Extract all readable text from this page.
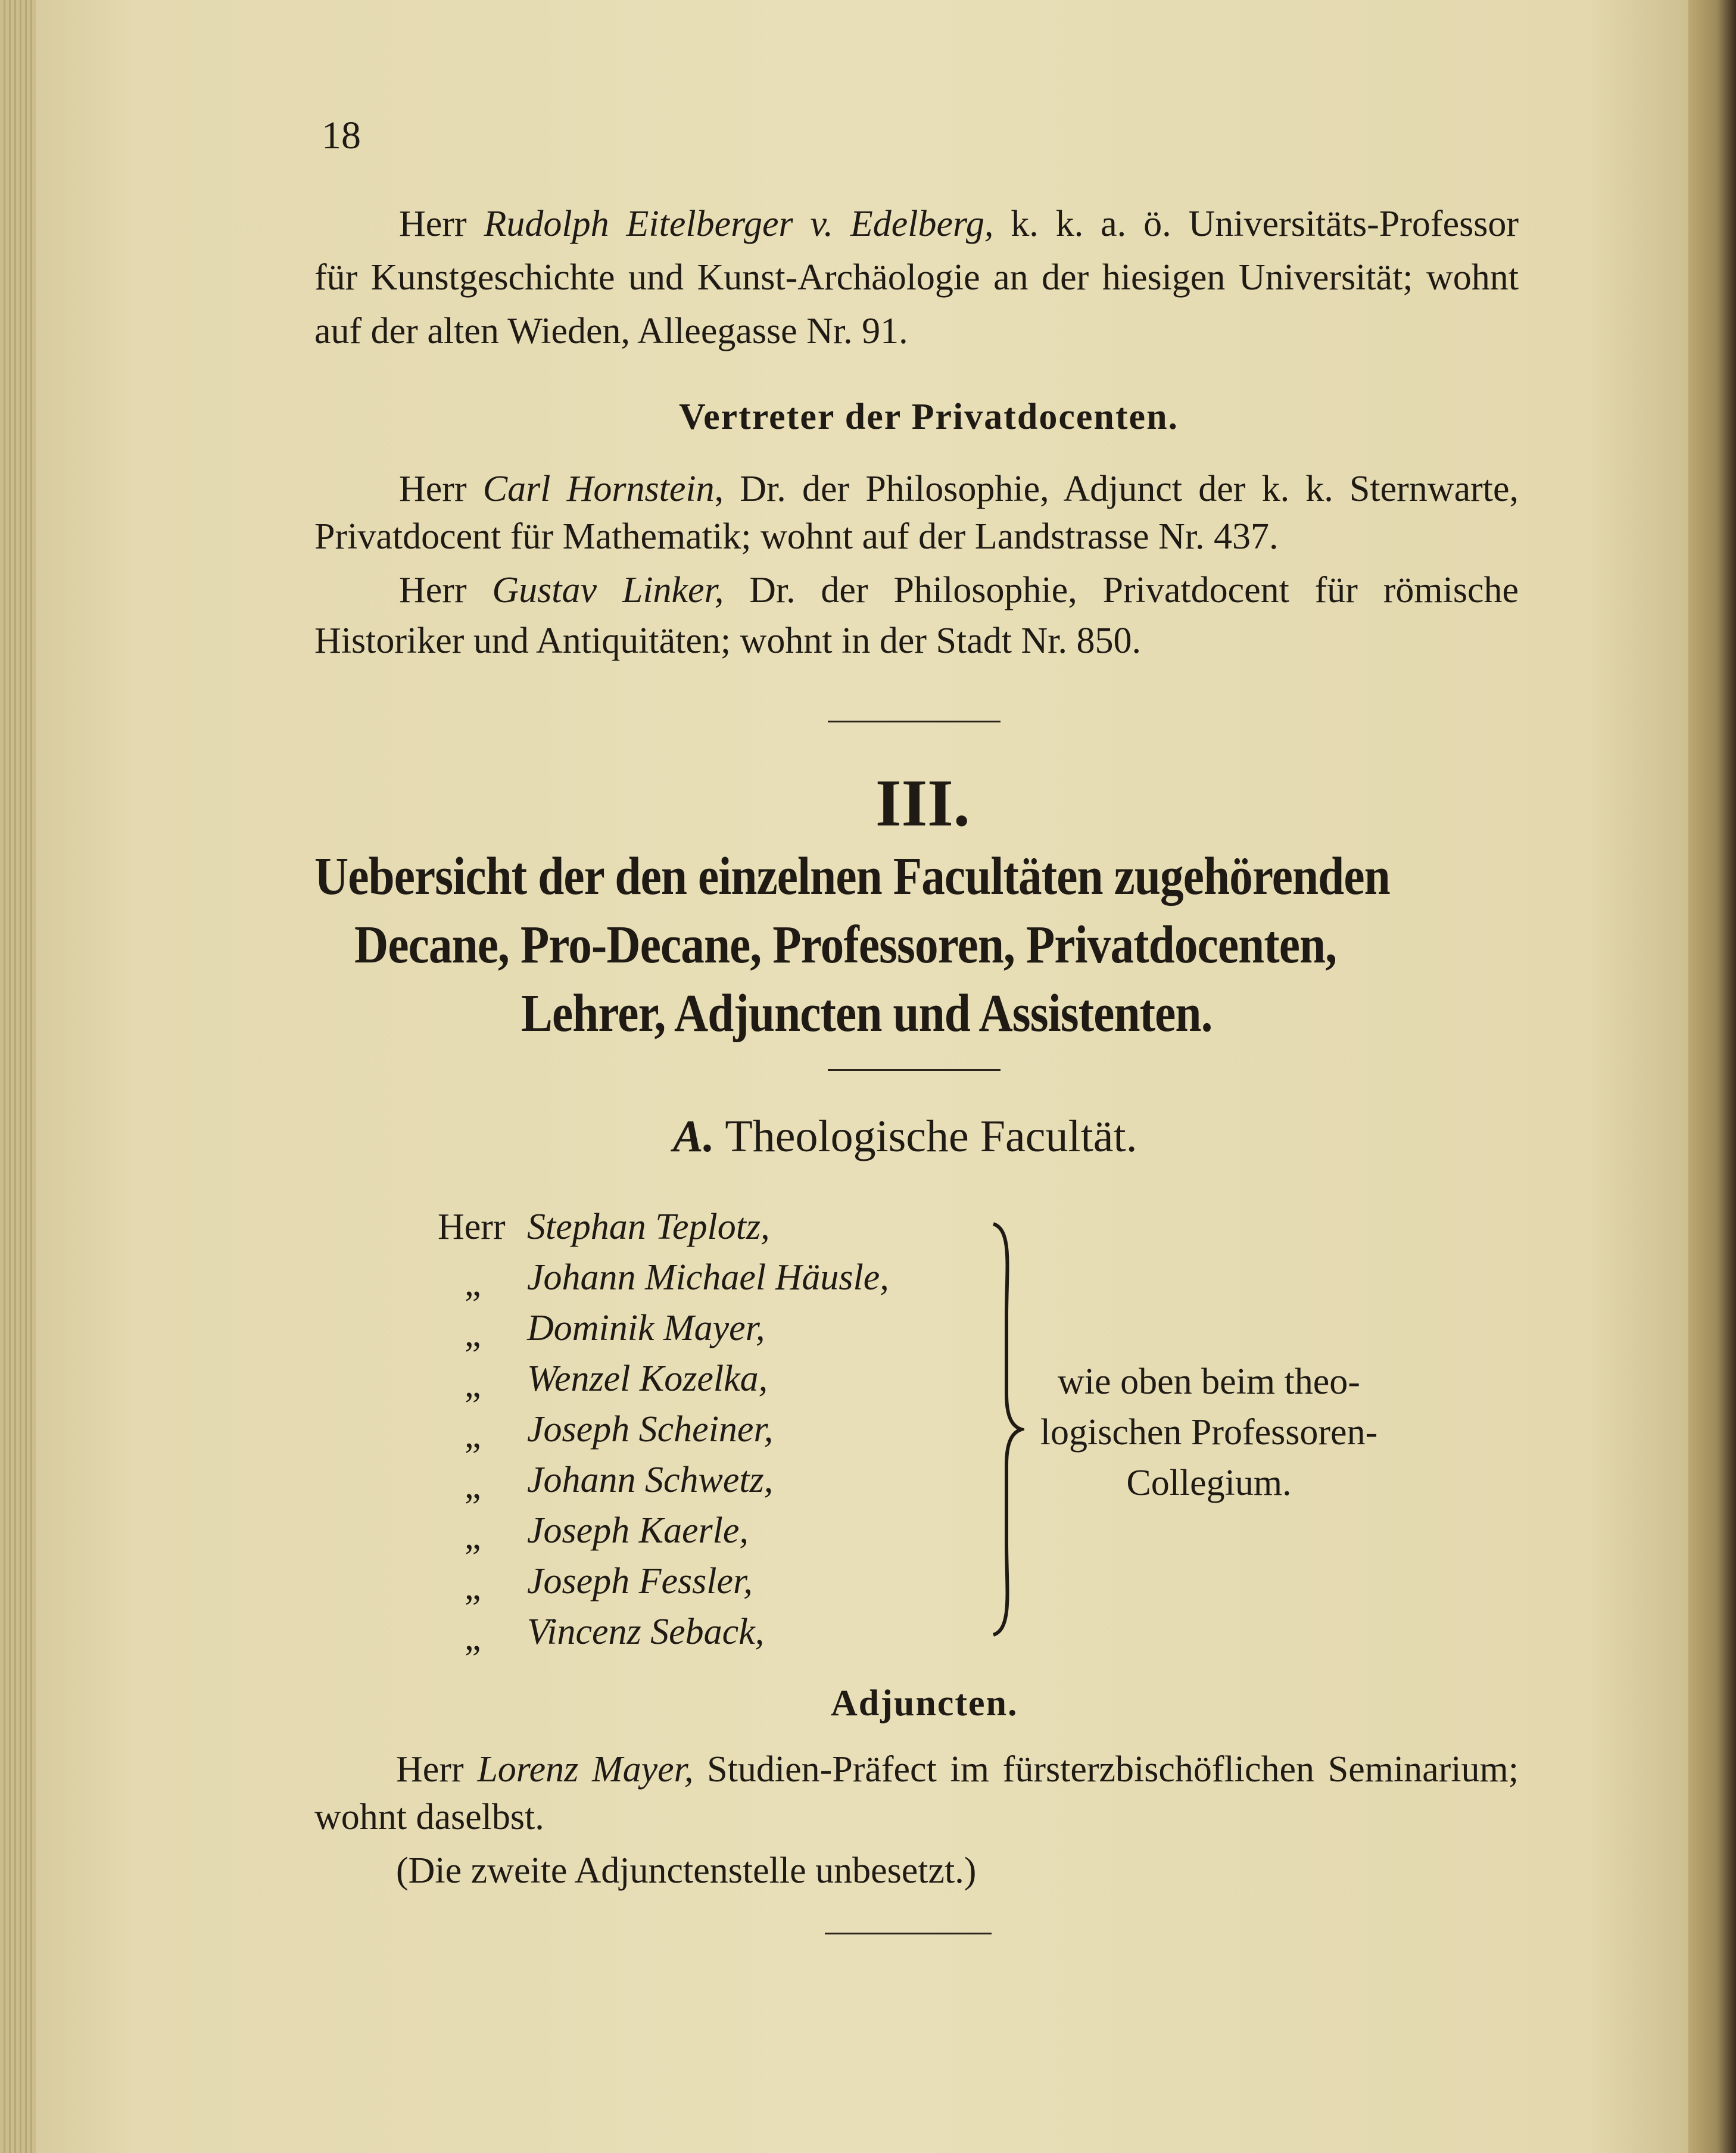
18
Herr Rudolph Eitelberger v. Edelberg, k. k. a. ö. Universitäts-Professor
für Kunstgeschichte und Kunst-Archäologie an der hiesigen Universität; wohnt
auf der alten Wieden, Alleegasse Nr. 91.
Vertreter der Privatdocenten.
Herr Carl Hornstein, Dr. der Philosophie, Adjunct der k. k. Sternwarte,
Privatdocent für Mathematik; wohnt auf der Landstrasse Nr. 437.
Herr Gustav Linker, Dr. der Philosophie, Privatdocent für römische
Historiker und Antiquitäten; wohnt in der Stadt Nr. 850.
III.
Uebersicht der den einzelnen Facultäten zugehörenden
Decane, Pro-Decane, Professoren, Privatdocenten,
Lehrer, Adjuncten und Assistenten.
A. Theologische Facultät.
Herr Stephan Teplotz,
„ Johann Michael Häusle,
„ Dominik Mayer,
„ Wenzel Kozelka,
„ Joseph Scheiner,
„ Johann Schwetz,
„ Joseph Kaerle,
„ Joseph Fessler,
„ Vincenz Seback,
wie oben beim theo-
logischen Professoren-
Collegium.
Adjuncten.
Herr Lorenz Mayer, Studien-Präfect im fürsterzbischöflichen Seminarium;
wohnt daselbst.
(Die zweite Adjunctenstelle unbesetzt.)
